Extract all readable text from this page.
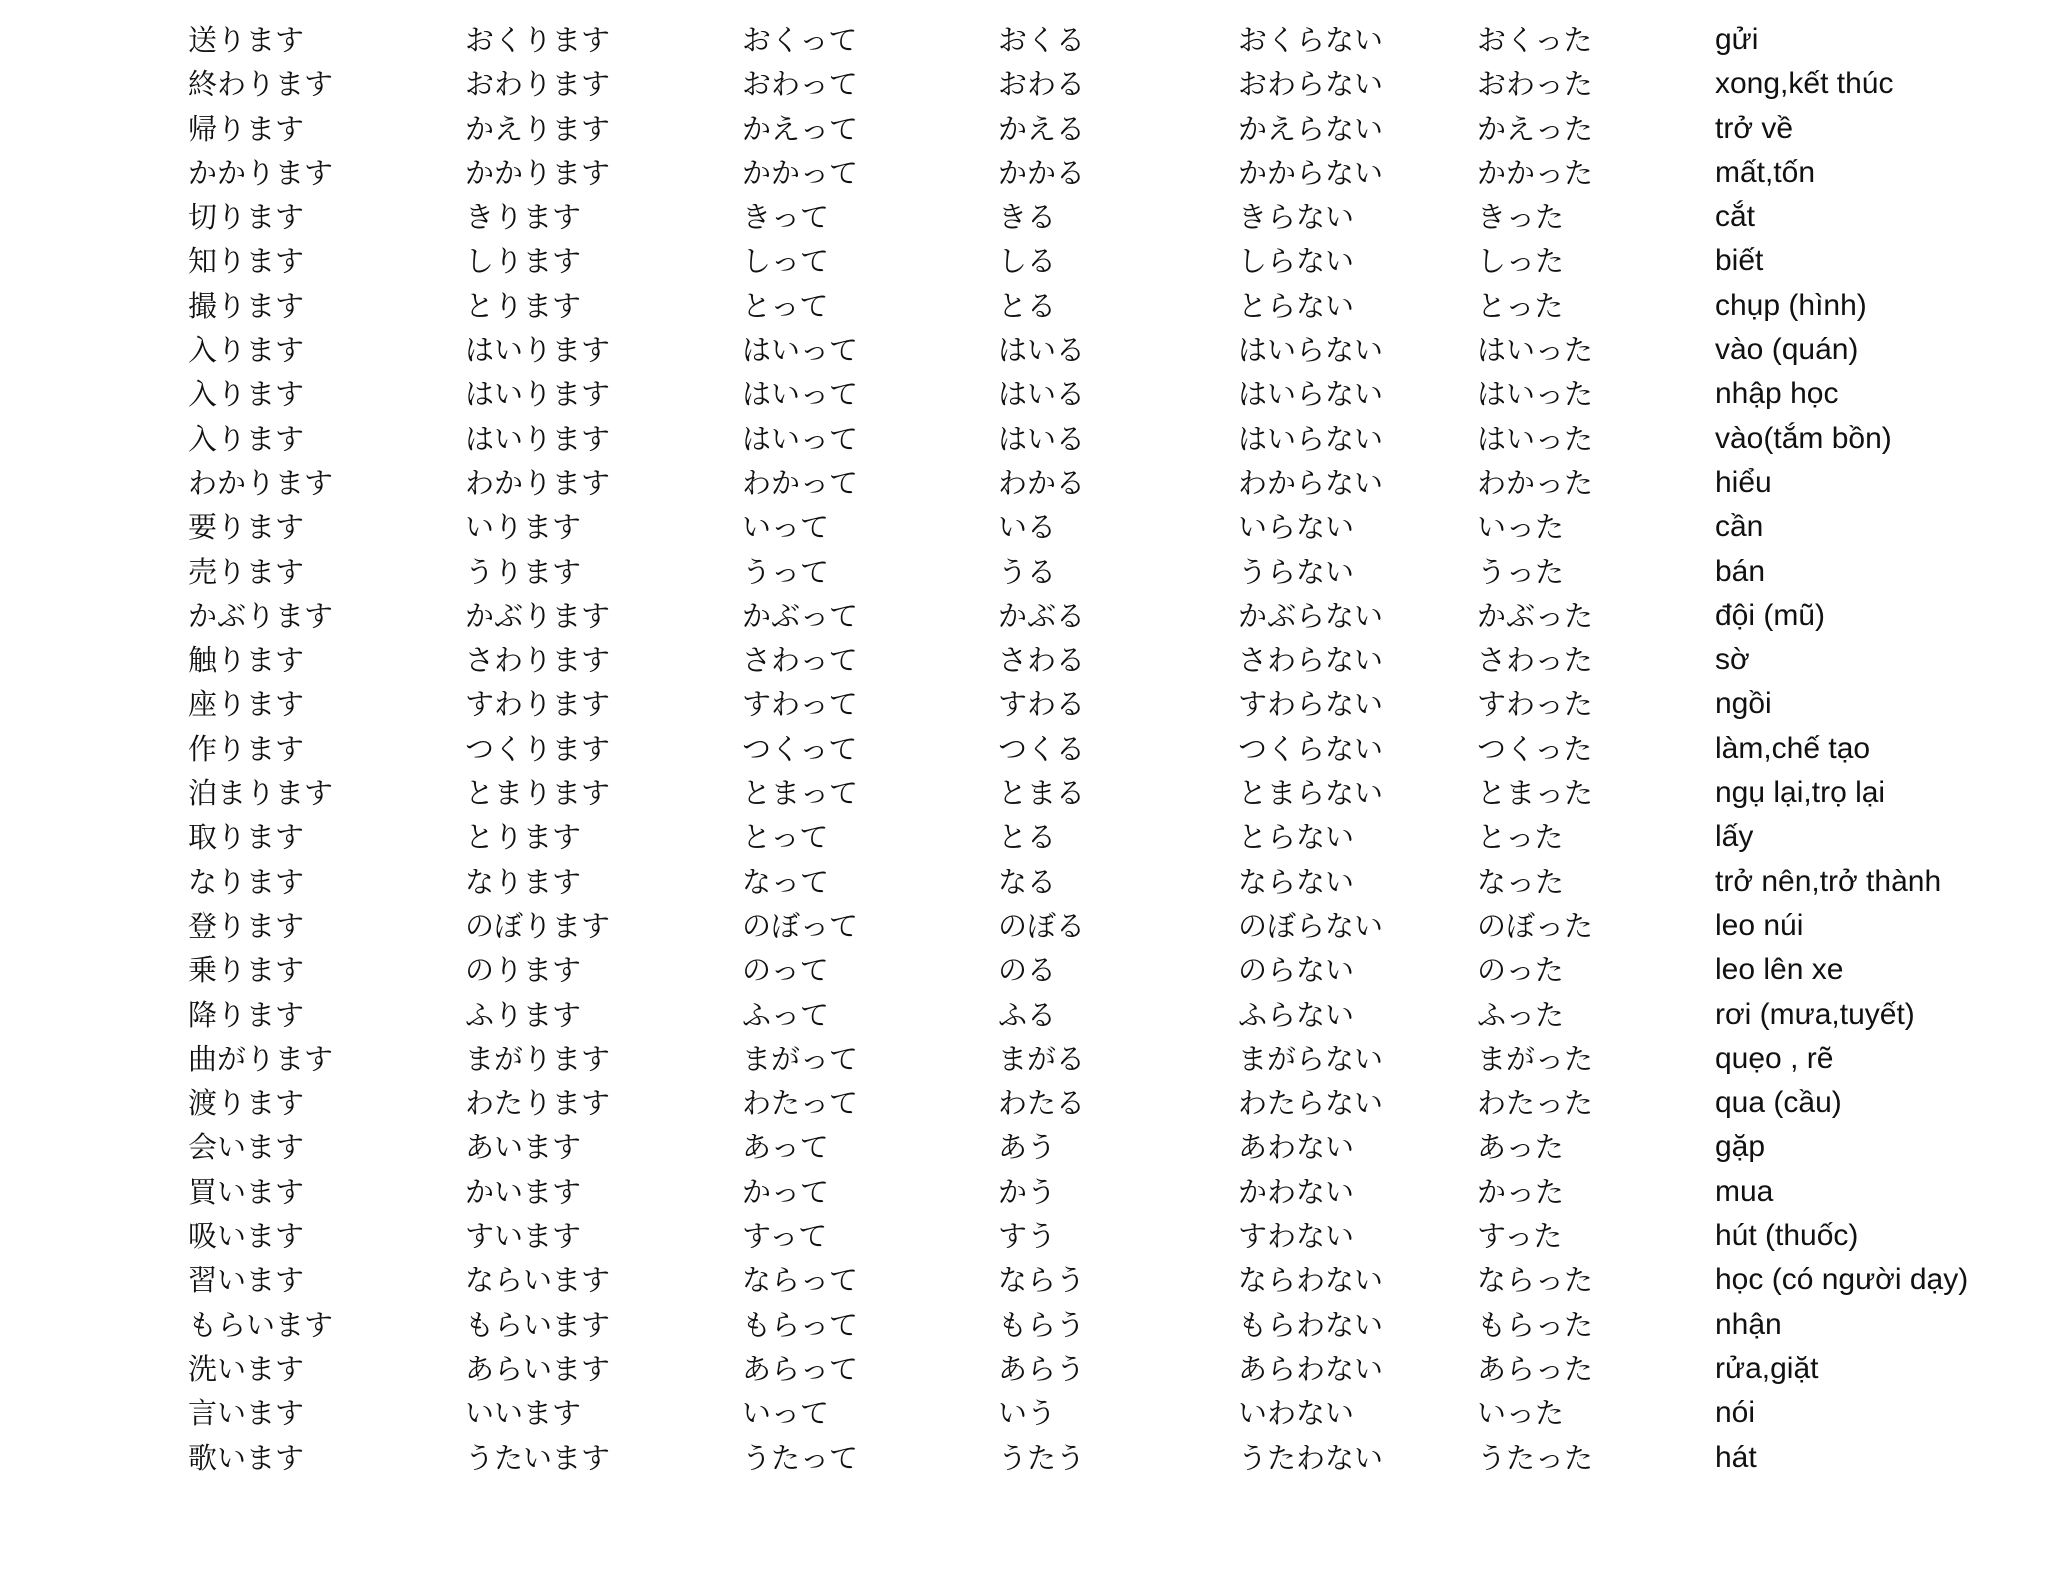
送ります	おくります	おくって	おくる	おくらない	おくった	gửi
終わります	おわります	おわって	おわる	おわらない	おわった	xong,kết thúc
帰ります	かえります	かえって	かえる	かえらない	かえった	trở về
かかります	かかります	かかって	かかる	かからない	かかった	mất,tốn
切ります	きります	きって	きる	きらない	きった	cắt
知ります	しります	しって	しる	しらない	しった	biết
撮ります	とります	とって	とる	とらない	とった	chụp (hình)
入ります	はいります	はいって	はいる	はいらない	はいった	vào (quán)
入ります	はいります	はいって	はいる	はいらない	はいった	nhập học
入ります	はいります	はいって	はいる	はいらない	はいった	vào(tắm bồn)
わかります	わかります	わかって	わかる	わからない	わかった	hiểu
要ります	いります	いって	いる	いらない	いった	cần
売ります	うります	うって	うる	うらない	うった	bán
かぶります	かぶります	かぶって	かぶる	かぶらない	かぶった	đội (mũ)
触ります	さわります	さわって	さわる	さわらない	さわった	sờ
座ります	すわります	すわって	すわる	すわらない	すわった	ngồi
作ります	つくります	つくって	つくる	つくらない	つくった	làm,chế tạo
泊まります	とまります	とまって	とまる	とまらない	とまった	ngụ lại,trọ lại
取ります	とります	とって	とる	とらない	とった	lấy
なります	なります	なって	なる	ならない	なった	trở nên,trở thành
登ります	のぼります	のぼって	のぼる	のぼらない	のぼった	leo núi
乗ります	のります	のって	のる	のらない	のった	leo lên xe
降ります	ふります	ふって	ふる	ふらない	ふった	rơi (mưa,tuyết)
曲がります	まがります	まがって	まがる	まがらない	まがった	quẹo , rẽ
渡ります	わたります	わたって	わたる	わたらない	わたった	qua (cầu)
会います	あいます	あって	あう	あわない	あった	gặp
買います	かいます	かって	かう	かわない	かった	mua
吸います	すいます	すって	すう	すわない	すった	hút (thuốc)
習います	ならいます	ならって	ならう	ならわない	ならった	học (có người dạy)
もらいます	もらいます	もらって	もらう	もらわない	もらった	nhận
洗います	あらいます	あらって	あらう	あらわない	あらった	rửa,giặt
言います	いいます	いって	いう	いわない	いった	nói
歌います	うたいます	うたって	うたう	うたわない	うたった	hát
